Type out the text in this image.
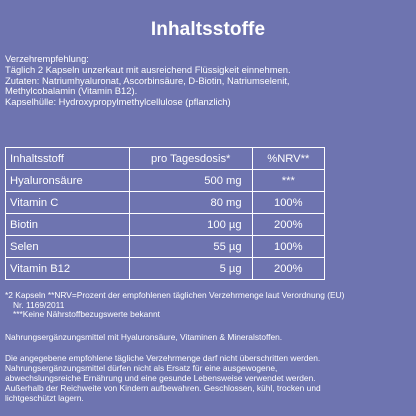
Inhaltsstoffe
Verzehrempfehlung:
Täglich 2 Kapseln unzerkaut mit ausreichend Flüssigkeit einnehmen.
Zutaten: Natriumhyaluronat, Ascorbinsäure, D-Biotin, Natriumselenit,
Methylcobalamin (Vitamin B12).
Kapselhülle: Hydroxypropylmethylcellulose (pflanzlich)
Inhaltsstoff	pro Tagesdosis*	%NRV**
Hyaluronsäure	500 mg	***
Vitamin C	80 mg	100%
Biotin	100 µg	200%
Selen	55 µg	100%
Vitamin B12	5 µg	200%
*2 Kapseln **NRV=Prozent der empfohlenen täglichen Verzehrmenge laut Verordnung (EU)
Nr. 1169/2011
***Keine Nährstoffbezugswerte bekannt
Nahrungsergänzungsmittel mit Hyaluronsäure, Vitaminen & Mineralstoffen.
Die angegebene empfohlene tägliche Verzehrmenge darf nicht überschritten werden.
Nahrungsergänzungsmittel dürfen nicht als Ersatz für eine ausgewogene,
abwechslungsreiche Ernährung und eine gesunde Lebensweise verwendet werden.
Außerhalb der Reichweite von Kindern aufbewahren. Geschlossen, kühl, trocken und
lichtgeschützt lagern.
